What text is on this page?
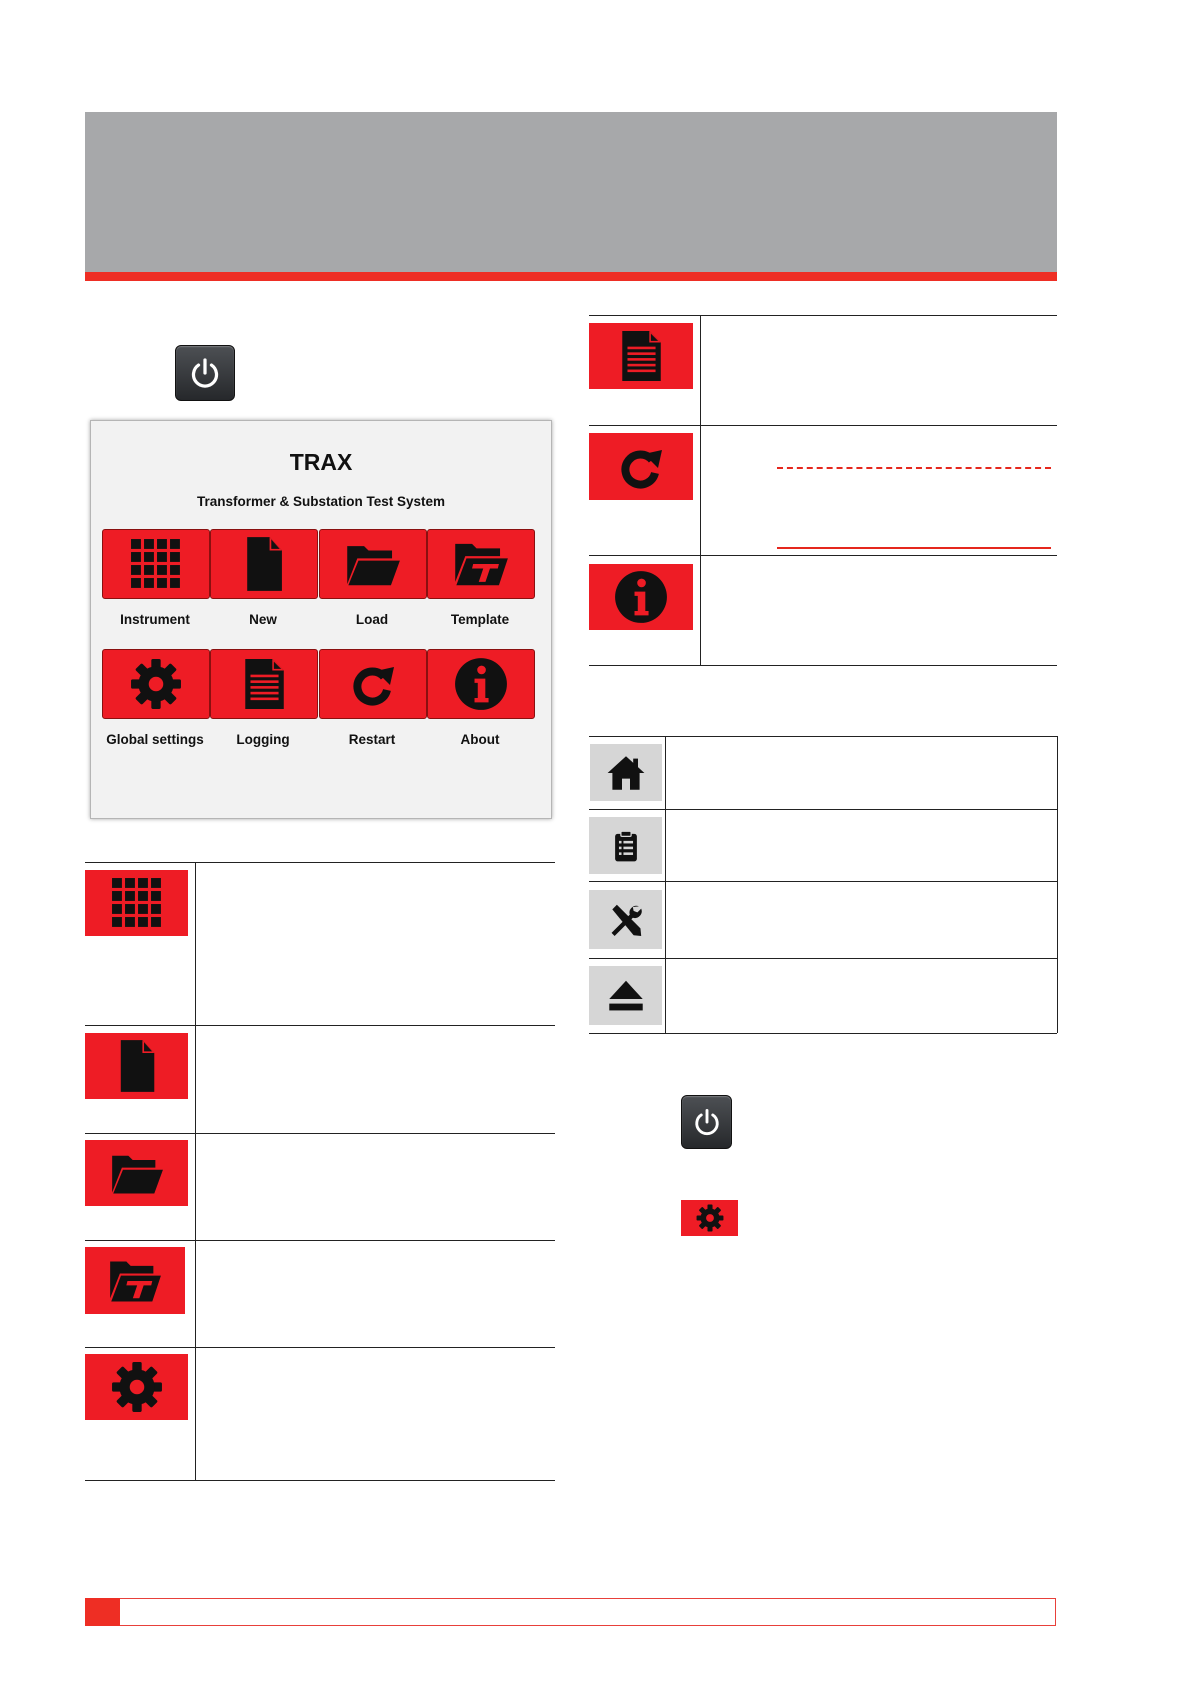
TRAX
Transformer & Substation Test System
Instrument	New	Load	Template
Global settings	Logging	Restart	About
